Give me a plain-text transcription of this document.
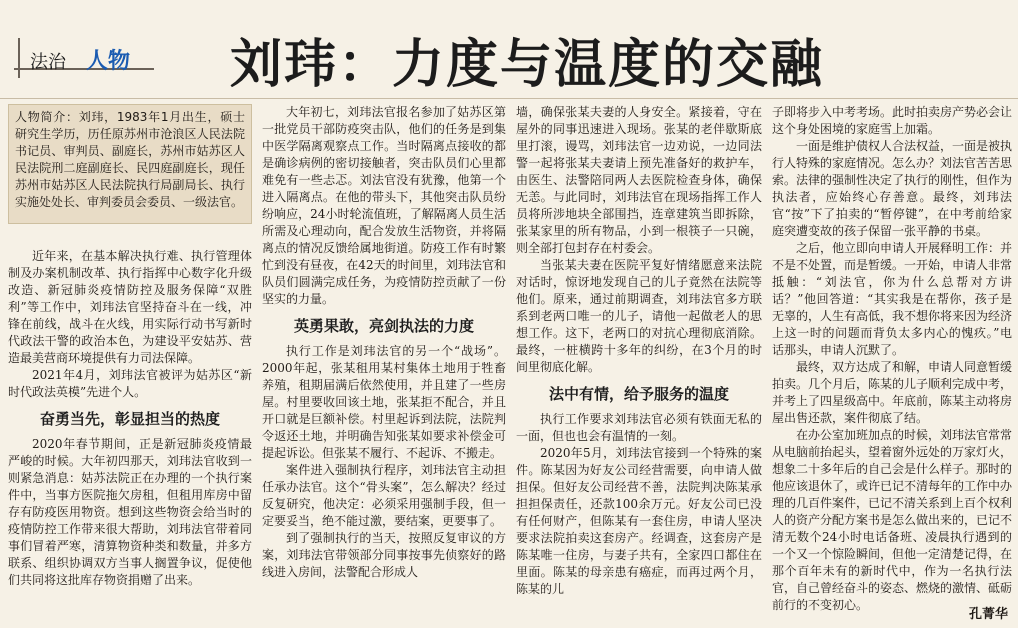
法治 人物 刘玮：力度与温度的交融
人物简介：刘玮，1983年1月出生，硕士研究生学历，历任原苏州市沧浪区人民法院书记员、审判员、副庭长，苏州市姑苏区人民法院刑二庭副庭长、民四庭副庭长，现任苏州市姑苏区人民法院执行局副局长、执行实施处处长、审判委员会委员、一级法官。

近年来，在基本解决执行难、执行管理体制及办案机制改革、执行指挥中心数字化升级改造、新冠肺炎疫情防控及服务保障“双胜利”等工作中，刘玮法官坚持奋斗在一线，冲锋在前线，战斗在火线，用实际行动书写新时代政法干警的政治本色，为建设平安姑苏、营造最美营商环境提供有力司法保障。

2021年4月，刘玮法官被评为姑苏区“新时代政法英模”先进个人。

奋勇当先，彰显担当的热度

2020年春节期间，正是新冠肺炎疫情最严峻的时候。大年初四那天，刘玮法官收到一则紧急消息：姑苏法院正在办理的一个执行案件中，当事方医院拖欠房租，但租用库房中留存有防疫医用物资。想到这些物资会给当时的疫情防控工作带来很大帮助，刘玮法官带着同事们冒着严寒，清算物资种类和数量，并多方联系、组织协调双方当事人搁置争议，促使他们共同将这批库存物资捐赠了出来。

大年初七，刘玮法官报名参加了姑苏区第一批党员干部防疫突击队，他们的任务是到集中医学隔离观察点工作。当时隔离点接收的都是确诊病例的密切接触者，突击队员们心里都难免有一些忐忑。刘法官没有犹豫，他第一个进入隔离点。在他的带头下，其他突击队员纷纷响应，24小时轮流值班，了解隔离人员生活所需及心理动向，配合发放生活物资，并将隔离点的情况反馈给属地街道。防疫工作有时繁忙到没有昼夜，在42天的时间里，刘玮法官和队员们圆满完成任务，为疫情防控贡献了一份坚实的力量。

英勇果敢，亮剑执法的力度

执行工作是刘玮法官的另一个“战场”。2000年起，张某租用某村集体土地用于牲畜养殖，租期届满后依然使用，并且建了一些房屋。村里要收回该土地，张某拒不配合，并且开口就是巨额补偿。村里起诉到法院，法院判令返还土地，并明确告知张某如要求补偿金可提起诉讼。但张某不履行、不起诉、不搬走。

案件进入强制执行程序，刘玮法官主动担任承办法官。这个“骨头案”，怎么解决？经过反复研究，他决定：必须采用强制手段，但一定要妥当，绝不能过激，要结案，更要事了。

到了强制执行的当天，按照反复审议的方案，刘玮法官带领部分同事按事先侦察好的路线进入房间，法警配合形成人

墙，确保张某夫妻的人身安全。紧接着，守在屋外的同事迅速进入现场。张某的老伴歇斯底里打滚，谩骂，刘玮法官一边劝说，一边同法警一起将张某夫妻请上预先准备好的救护车，由医生、法警陪同两人去医院检查身体，确保无恙。与此同时，刘玮法官在现场指挥工作人员将所涉地块全部围挡，连章建筑当即拆除，张某家里的所有物品，小到一根筷子一只碗，则全部打包封存在村委会。

当张某夫妻在医院平复好情绪愿意来法院对话时，惊讶地发现自己的儿子竟然在法院等他们。原来，通过前期调查，刘玮法官多方联系到老两口唯一的儿子，请他一起做老人的思想工作。这下，老两口的对抗心理彻底消除。最终，一桩横跨十多年的纠纷，在3个月的时间里彻底化解。

法中有情，给予服务的温度

执行工作要求刘玮法官必须有铁面无私的一面，但也也会有温情的一刻。

2020年5月，刘玮法官接到一个特殊的案件。陈某因为好友公司经营需要，向申请人做担保。但好友公司经营不善，法院判决陈某承担担保责任，还款100余万元。好友公司已没有任何财产，但陈某有一套住房，申请人坚决要求法院拍卖这套房产。经调查，这套房产是陈某唯一住房，与妻子共有，全家四口都住在里面。陈某的母亲患有癌症，而再过两个月，陈某的儿

子即将步入中考考场。此时拍卖房产势必会让这个身处困境的家庭雪上加霜。

一面是维护债权人合法权益，一面是被执行人特殊的家庭情况。怎么办？刘法官苦苦思索。法律的强制性决定了执行的刚性，但作为执法者，应始终心存善意。最终，刘玮法官“按”下了拍卖的“暂停键”，在中考前给家庭突遭变故的孩子保留一张平静的书桌。

之后，他立即向申请人开展释明工作：并不是不处置，而是暂缓。一开始，申请人非常抵触：“刘法官，你为什么总帮对方讲话？”他回答道：“其实我是在帮你，孩子是无辜的，人生有高低，我不想你将来因为经济上这一时的问题而背负太多内心的愧疚。”电话那头，申请人沉默了。

最终，双方达成了和解，申请人同意暂缓拍卖。几个月后，陈某的儿子顺利完成中考，并考上了四星级高中。年底前，陈某主动将房屋出售还款，案件彻底了结。

在办公室加班加点的时候，刘玮法官常常从电脑前抬起头，望着窗外远处的万家灯火，想象二十多年后的自己会是什么样子。那时的他应该退休了，或许已记不清每年的工作中办理的几百件案件，已记不清关系到上百个权利人的资产分配方案书是怎么做出来的，已记不清无数个24小时电话备班、凌晨执行遇到的一个又一个惊险瞬间，但他一定清楚记得，在那个百年未有的新时代中，作为一名执行法官，自己曾经奋斗的姿态、燃烧的激情、砥砺前行的不变初心。

孔菁华
